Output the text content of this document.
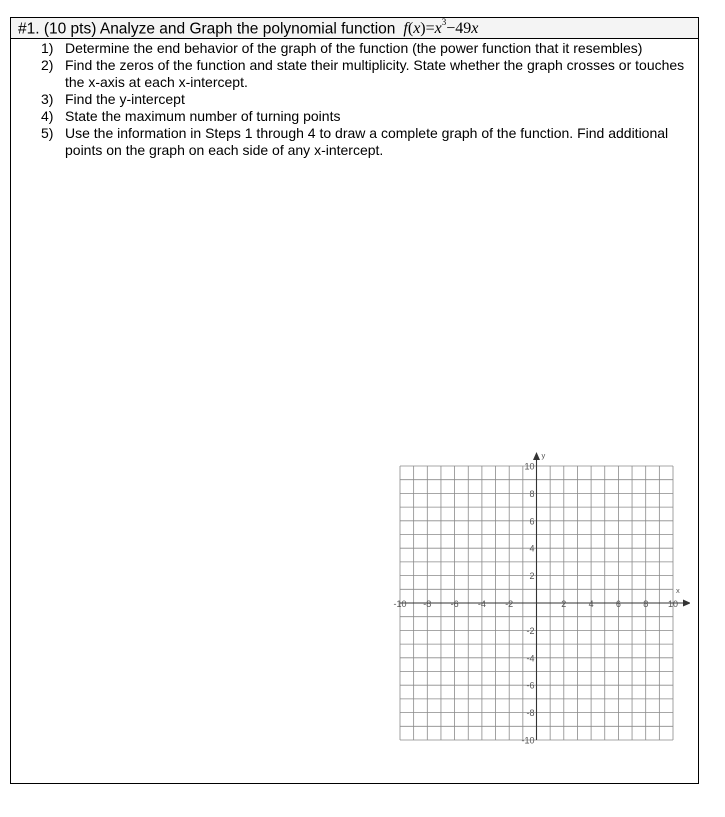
#1. (10 pts) Analyze and Graph the polynomial function $f(x)=x^3-49x$
1) Determine the end behavior of the graph of the function (the power function that it resembles)
2) Find the zeros of the function and state their multiplicity. State whether the graph crosses or touches the x-axis at each x-intercept.
3) Find the y-intercept
4) State the maximum number of turning points
5) Use the information in Steps 1 through 4 to draw a complete graph of the function. Find additional points on the graph on each side of any x-intercept.
x
y
-10 -8 -6 -4 -2	2 4 6 8 10
10
8
6
4
2
-2
-4
-6
-8
-10
